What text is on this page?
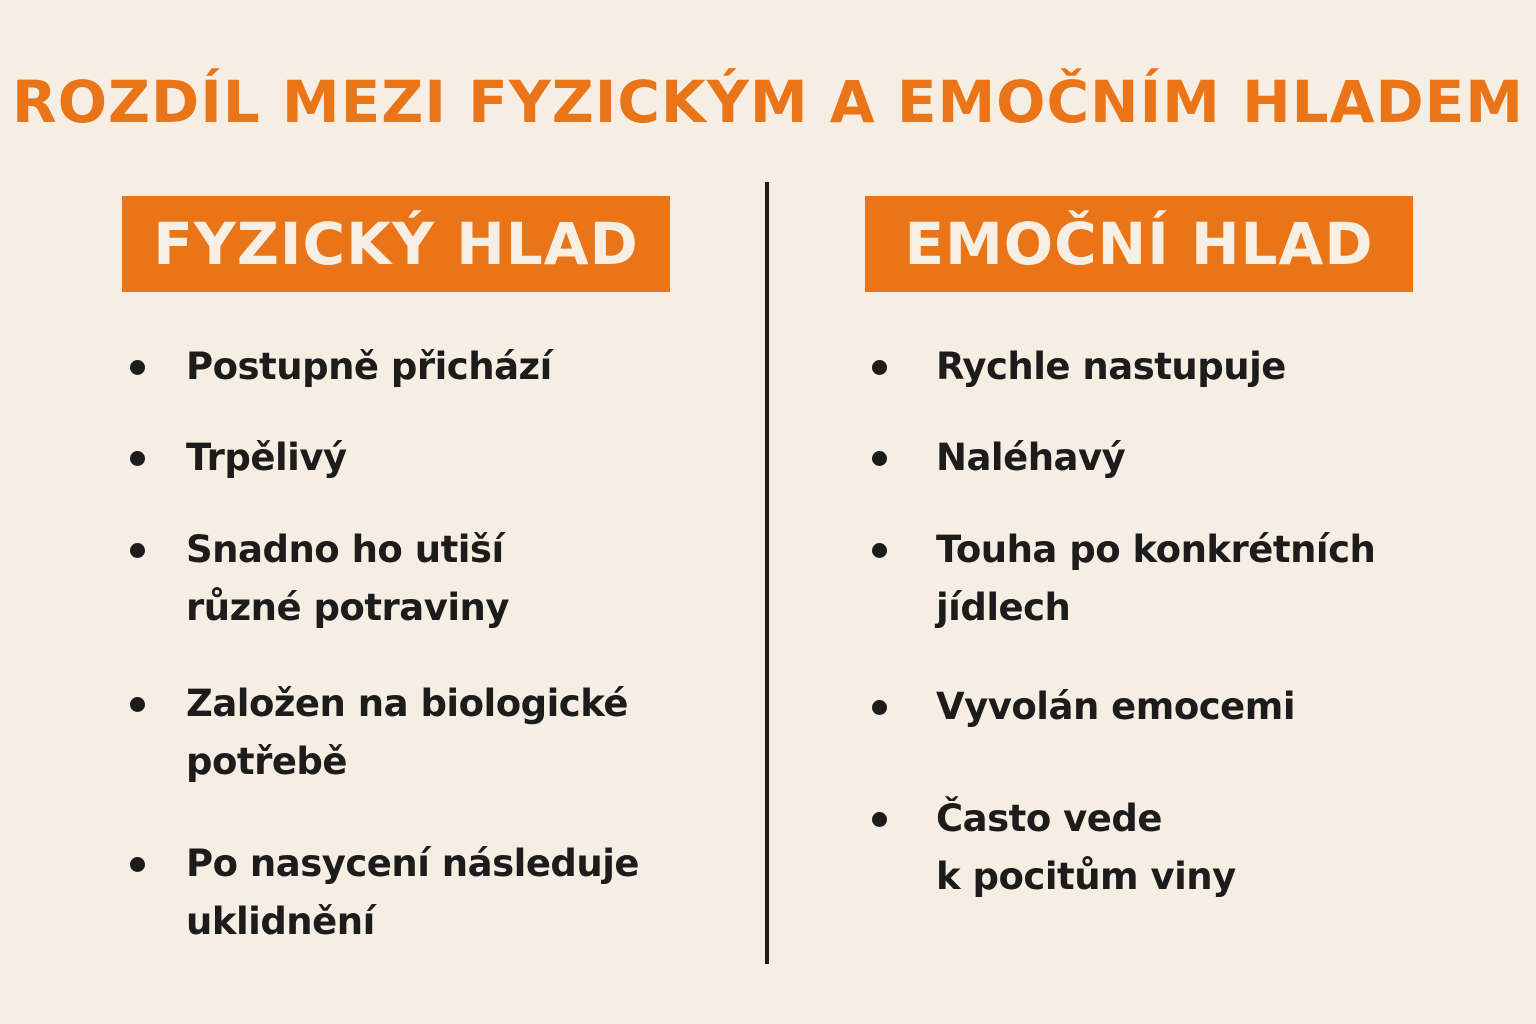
ROZDÍL MEZI FYZICKÝM A EMOČNÍM HLADEM
FYZICKÝ HLAD	EMOČNÍ HLAD
Postupně přichází
Trpělivý
Snadno ho utiší
různé potraviny
Založen na biologické
potřebě
Po nasycení následuje
uklidnění
Rychle nastupuje
Naléhavý
Touha po konkrétních
jídlech
Vyvolán emocemi
Často vede
k pocitům viny
